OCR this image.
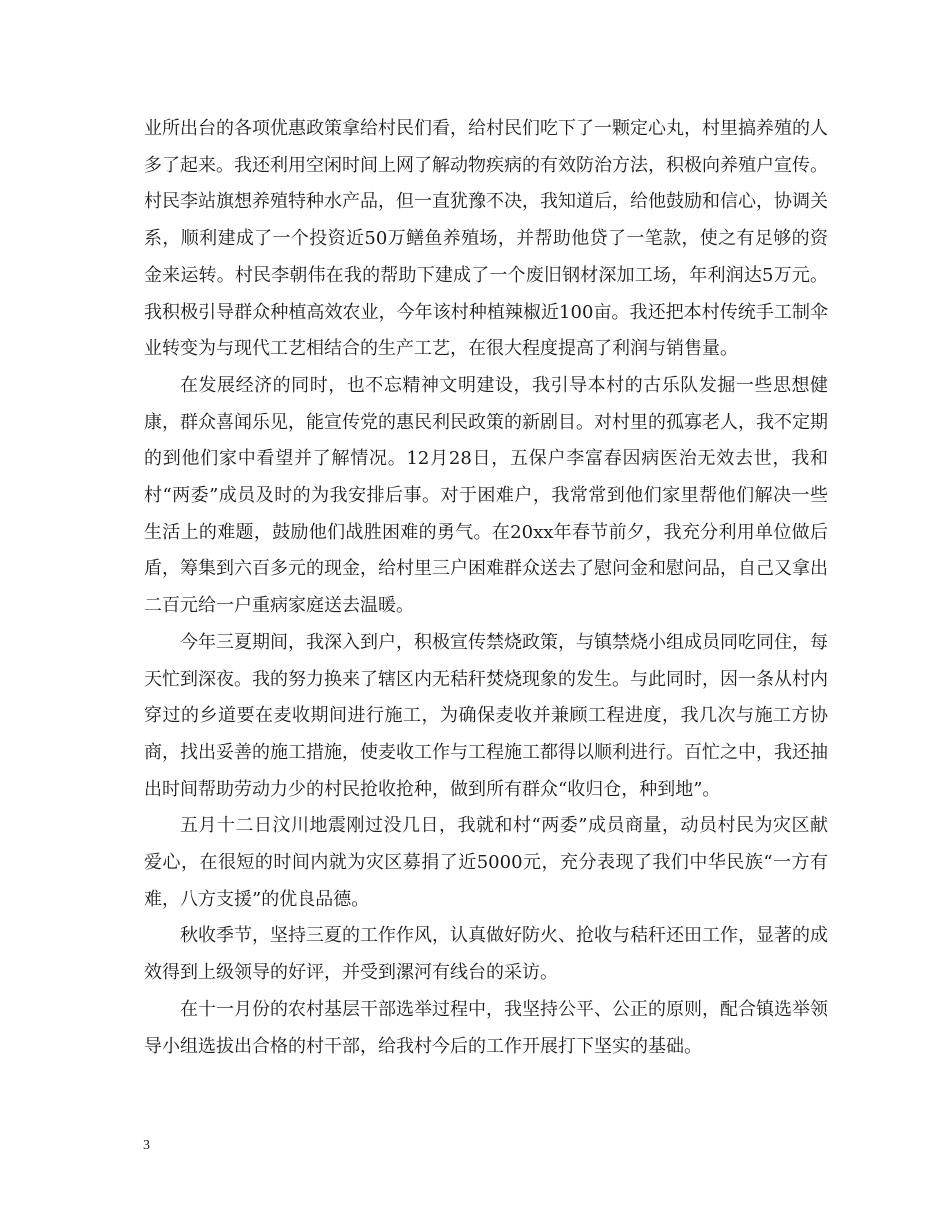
业所出台的各项优惠政策拿给村民们看，给村民们吃下了一颗定心丸，村里搞养殖的人多了起来。我还利用空闲时间上网了解动物疾病的有效防治方法，积极向养殖户宣传。村民李站旗想养殖特种水产品，但一直犹豫不决，我知道后，给他鼓励和信心，协调关系，顺利建成了一个投资近50万鳝鱼养殖场，并帮助他贷了一笔款，使之有足够的资金来运转。村民李朝伟在我的帮助下建成了一个废旧钢材深加工场，年利润达5万元。我积极引导群众种植高效农业，今年该村种植辣椒近100亩。我还把本村传统手工制伞业转变为与现代工艺相结合的生产工艺，在很大程度提高了利润与销售量。

在发展经济的同时，也不忘精神文明建设，我引导本村的古乐队发掘一些思想健康，群众喜闻乐见，能宣传党的惠民利民政策的新剧目。对村里的孤寡老人，我不定期的到他们家中看望并了解情况。12月28日，五保户李富春因病医治无效去世，我和村“两委”成员及时的为我安排后事。对于困难户，我常常到他们家里帮他们解决一些生活上的难题，鼓励他们战胜困难的勇气。在20xx年春节前夕，我充分利用单位做后盾，筹集到六百多元的现金，给村里三户困难群众送去了慰问金和慰问品，自己又拿出二百元给一户重病家庭送去温暖。

今年三夏期间，我深入到户，积极宣传禁烧政策，与镇禁烧小组成员同吃同住，每天忙到深夜。我的努力换来了辖区内无秸秆焚烧现象的发生。与此同时，因一条从村内穿过的乡道要在麦收期间进行施工，为确保麦收并兼顾工程进度，我几次与施工方协商，找出妥善的施工措施，使麦收工作与工程施工都得以顺利进行。百忙之中，我还抽出时间帮助劳动力少的村民抢收抢种，做到所有群众“收归仓，种到地”。

五月十二日汶川地震刚过没几日，我就和村“两委”成员商量，动员村民为灾区献爱心，在很短的时间内就为灾区募捐了近5000元，充分表现了我们中华民族“一方有难，八方支援”的优良品德。

秋收季节，坚持三夏的工作作风，认真做好防火、抢收与秸秆还田工作，显著的成效得到上级领导的好评，并受到漯河有线台的采访。

在十一月份的农村基层干部选举过程中，我坚持公平、公正的原则，配合镇选举领导小组选拔出合格的村干部，给我村今后的工作开展打下坚实的基础。

3
